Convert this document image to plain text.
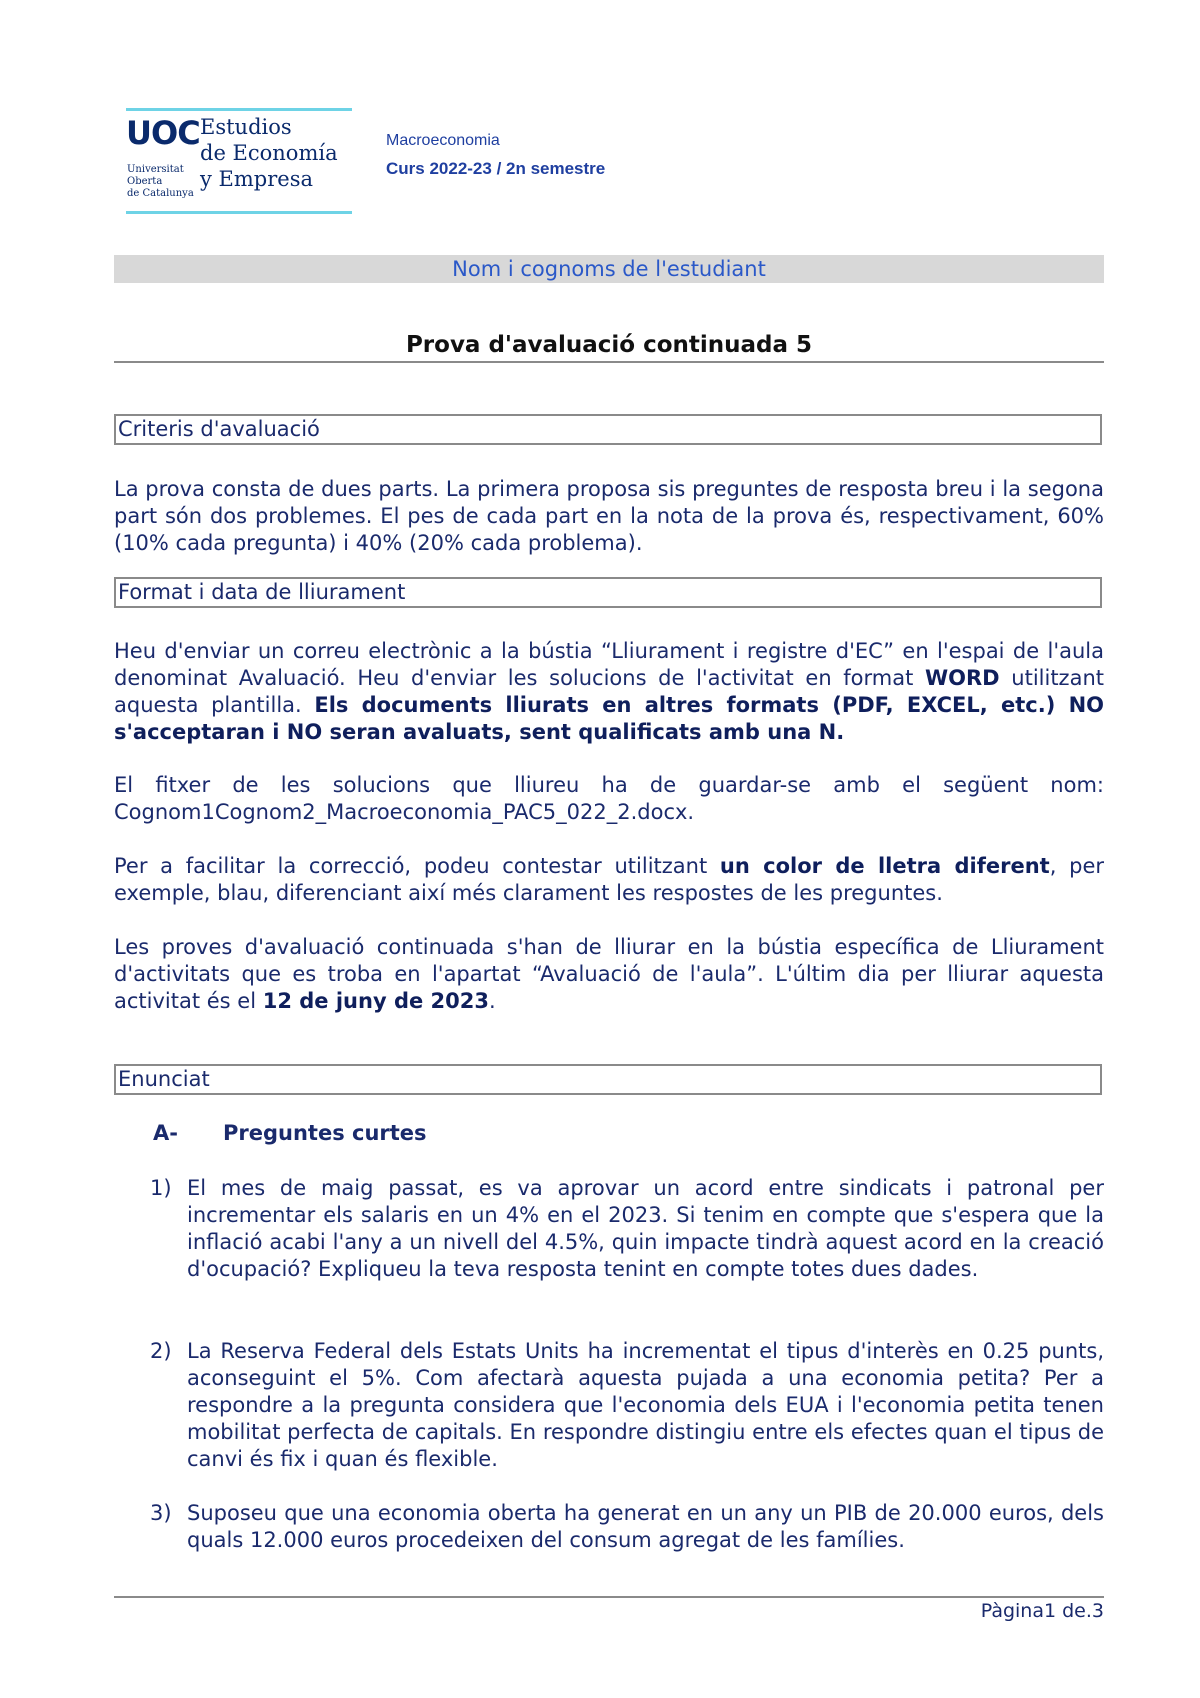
UOC
Universitat
Oberta
de Catalunya
Estudios
de Economía
y Empresa
Macroeconomia
Curs 2022-23 / 2n semestre
Nom i cognoms de l'estudiant
Prova d'avaluació continuada 5
Criteris d'avaluació
La prova consta de dues parts. La primera proposa sis preguntes de resposta breu i la segona part són dos problemes. El pes de cada part en la nota de la prova és, respectivament, 60% (10% cada pregunta) i 40% (20% cada problema).
Format i data de lliurament
Heu d'enviar un correu electrònic a la bústia “Lliurament i registre d'EC” en l'espai de l'aula denominat Avaluació. Heu d'enviar les solucions de l'activitat en format WORD utilitzant aquesta plantilla. Els documents lliurats en altres formats (PDF, EXCEL, etc.) NO s'acceptaran i NO seran avaluats, sent qualificats amb una N.
El fitxer de les solucions que lliureu ha de guardar-se amb el següent nom: Cognom1Cognom2_Macroeconomia_PAC5_022_2.docx.
Per a facilitar la correcció, podeu contestar utilitzant un color de lletra diferent, per exemple, blau, diferenciant així més clarament les respostes de les preguntes.
Les proves d'avaluació continuada s'han de lliurar en la bústia específica de Lliurament d'activitats que es troba en l'apartat “Avaluació de l'aula”. L'últim dia per lliurar aquesta activitat és el 12 de juny de 2023.
Enunciat
A- Preguntes curtes
1) El mes de maig passat, es va aprovar un acord entre sindicats i patronal per incrementar els salaris en un 4% en el 2023. Si tenim en compte que s'espera que la inflació acabi l'any a un nivell del 4.5%, quin impacte tindrà aquest acord en la creació d'ocupació? Expliqueu la teva resposta tenint en compte totes dues dades.
2) La Reserva Federal dels Estats Units ha incrementat el tipus d'interès en 0.25 punts, aconseguint el 5%. Com afectarà aquesta pujada a una economia petita? Per a respondre a la pregunta considera que l'economia dels EUA i l'economia petita tenen mobilitat perfecta de capitals. En respondre distingiu entre els efectes quan el tipus de canvi és fix i quan és flexible.
3) Suposeu que una economia oberta ha generat en un any un PIB de 20.000 euros, dels quals 12.000 euros procedeixen del consum agregat de les famílies.
Pàgina1 de.3
